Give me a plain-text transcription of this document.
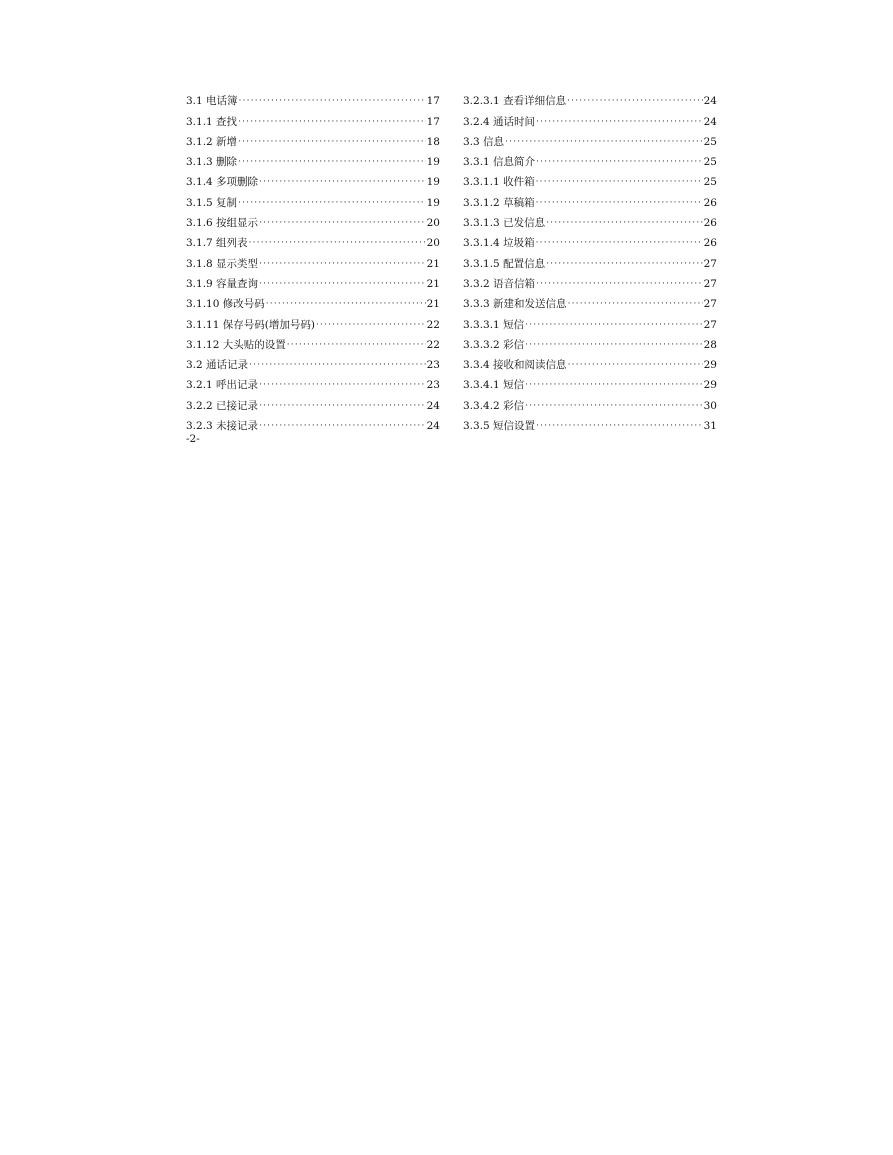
3.1 电话簿 ·····	17
3.1.1 查找 ·····	17
3.1.2 新增 ·····	18
3.1.3 删除 ·····	19
3.1.4 多项删除 ·····	19
3.1.5 复制 ·····	19
3.1.6 按组显示 ·····	20
3.1.7 组列表 ·····	20
3.1.8 显示类型 ·····	21
3.1.9 容量查询 ·····	21
3.1.10 修改号码 ·····	21
3.1.11 保存号码(增加号码) ·····	22
3.1.12 大头贴的设置 ·····	22
3.2 通话记录 ·····	23
3.2.1 呼出记录 ·····	23
3.2.2 已接记录 ·····	24
3.2.3 未接记录 ·····	24
3.2.3.1 查看详细信息 ·····	24
3.2.4 通话时间 ·····	24
3.3 信息 ·····	25
3.3.1 信息简介 ·····	25
3.3.1.1 收件箱 ·····	25
3.3.1.2 草稿箱 ·····	26
3.3.1.3 已发信息 ·····	26
3.3.1.4 垃圾箱 ·····	26
3.3.1.5 配置信息 ·····	27
3.3.2 语音信箱 ·····	27
3.3.3 新建和发送信息 ·····	27
3.3.3.1 短信 ·····	27
3.3.3.2 彩信 ·····	28
3.3.4 接收和阅读信息 ·····	29
3.3.4.1 短信 ·····	29
3.3.4.2 彩信 ·····	30
3.3.5 短信设置 ·····	31
-2-
